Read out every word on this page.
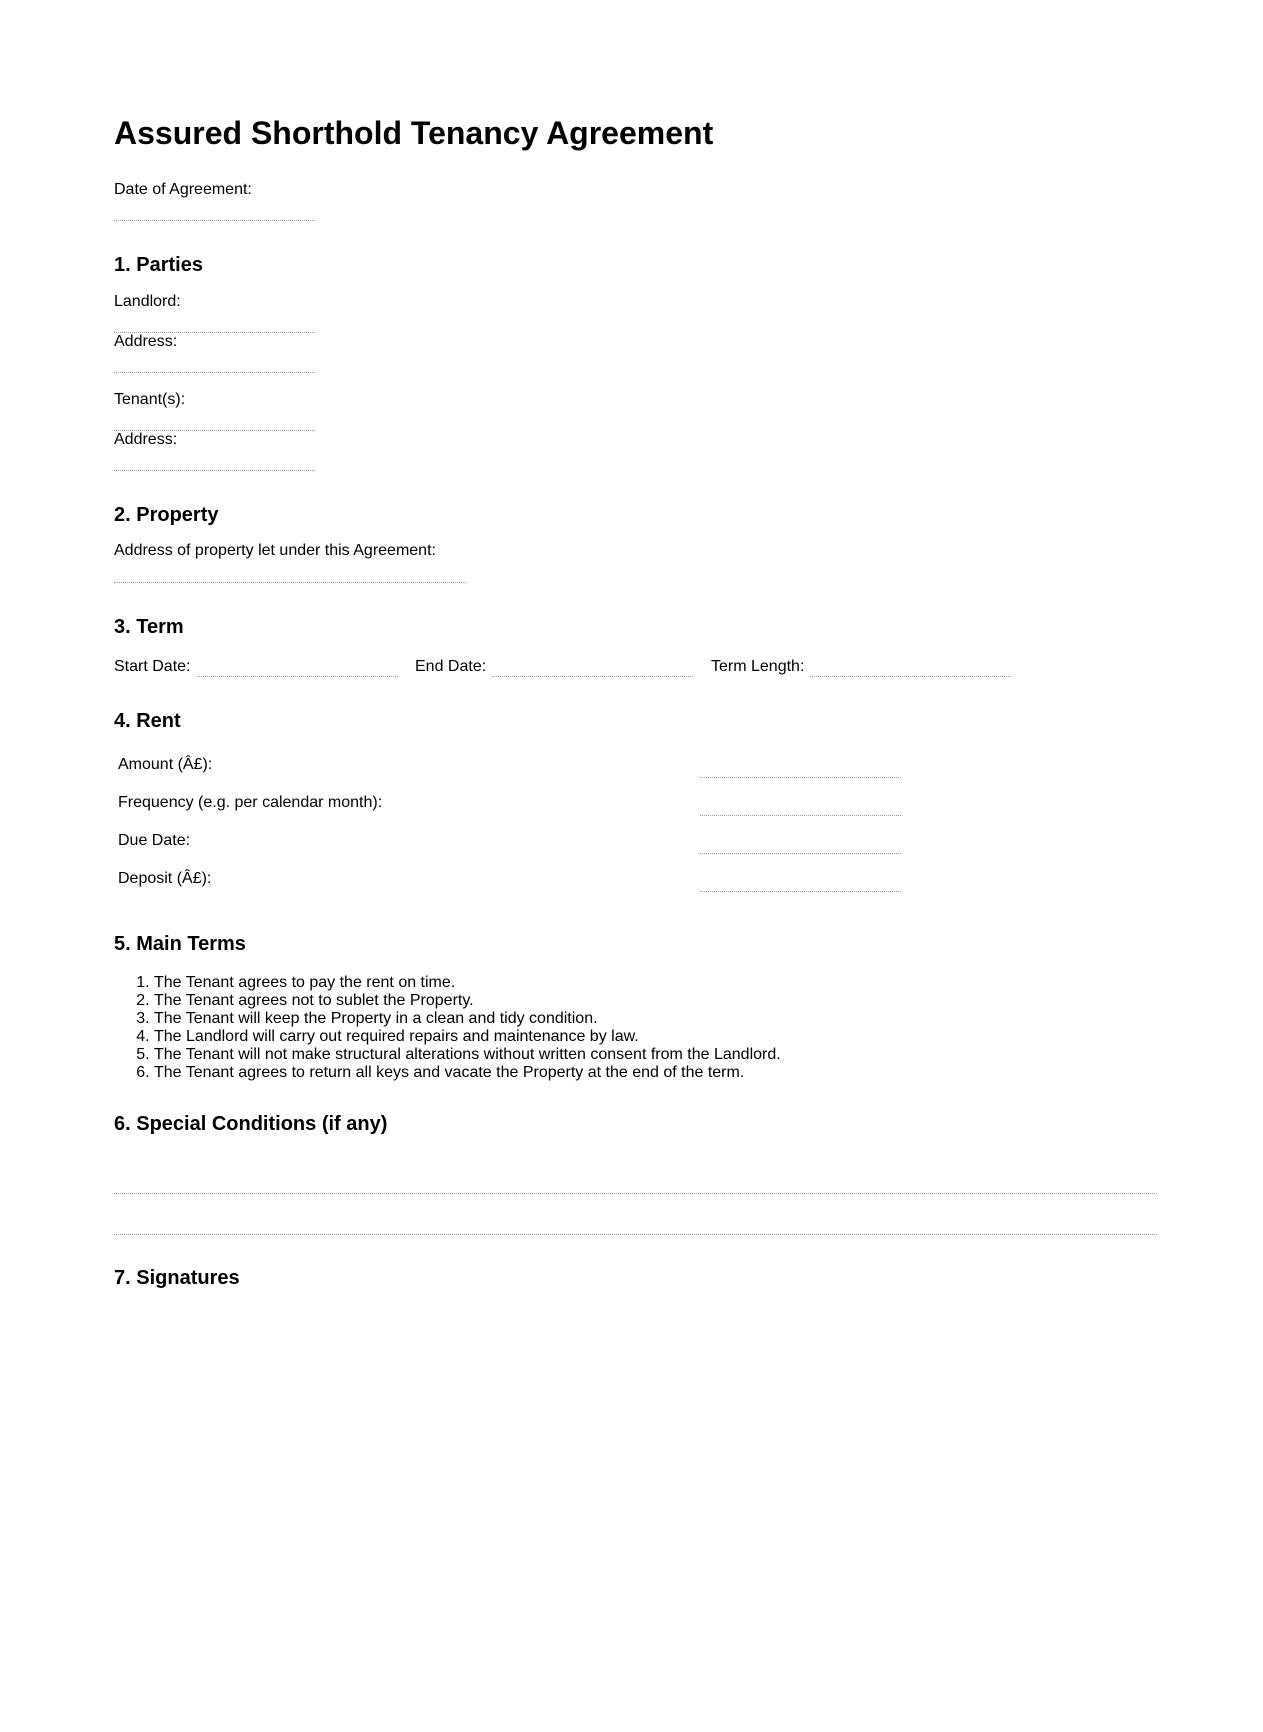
Assured Shorthold Tenancy Agreement
Date of Agreement:
1. Parties
Landlord:
Address:
Tenant(s):
Address:
2. Property
Address of property let under this Agreement:
3. Term
Start Date:	End Date:	Term Length:
4. Rent
Amount (Â£):
Frequency (e.g. per calendar month):
Due Date:
Deposit (Â£):
5. Main Terms
1. The Tenant agrees to pay the rent on time.
2. The Tenant agrees not to sublet the Property.
3. The Tenant will keep the Property in a clean and tidy condition.
4. The Landlord will carry out required repairs and maintenance by law.
5. The Tenant will not make structural alterations without written consent from the Landlord.
6. The Tenant agrees to return all keys and vacate the Property at the end of the term.
6. Special Conditions (if any)
7. Signatures
